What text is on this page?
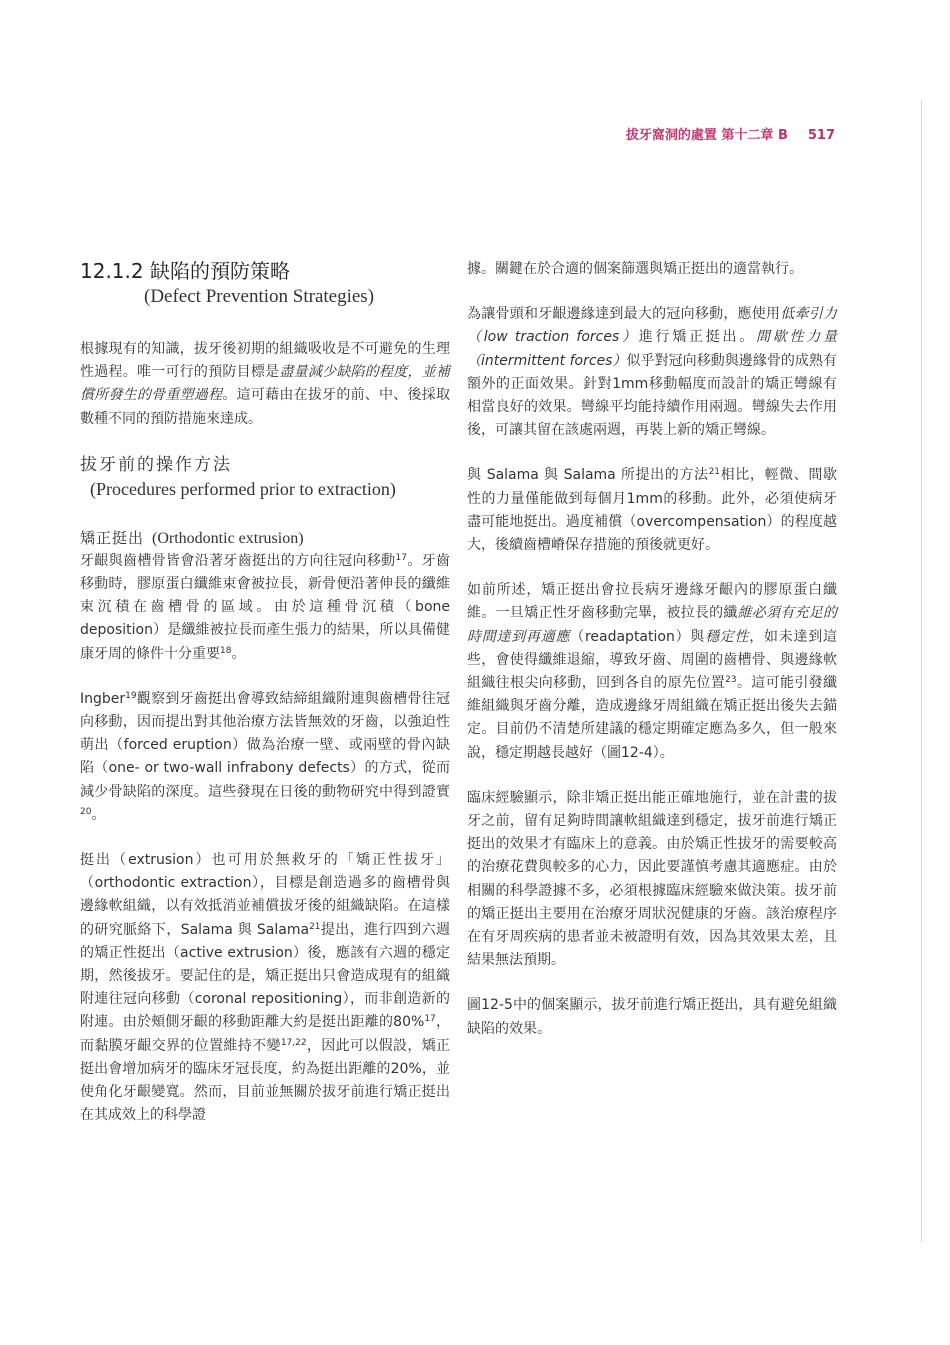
拔牙窩洞的處置 第十二章 B 517
12.1.2 缺陷的預防策略
(Defect Prevention Strategies)

根據現有的知識，拔牙後初期的組織吸收是不可避免的生理性過程。唯一可行的預防目標是盡量減少缺陷的程度，並補償所發生的骨重塑過程。這可藉由在拔牙的前、中、後採取數種不同的預防措施來達成。

拔牙前的操作方法
(Procedures performed prior to extraction)
矯正挺出 (Orthodontic extrusion)

牙齦與齒槽骨皆會沿著牙齒挺出的方向往冠向移動$^{17}$。牙齒移動時，膠原蛋白纖維束會被拉長，新骨便沿著伸長的纖維束沉積在齒槽骨的區域。由於這種骨沉積（bone deposition）是纖維被拉長而產生張力的結果，所以具備健康牙周的條件十分重要$^{18}$。

Ingber$^{19}$觀察到牙齒挺出會導致結締組織附連與齒槽骨往冠向移動，因而提出對其他治療方法皆無效的牙齒，以強迫性萌出（forced eruption）做為治療一壁、或兩壁的骨內缺陷（one- or two-wall infrabony defects）的方式，從而減少骨缺陷的深度。這些發現在日後的動物研究中得到證實$^{20}$。

挺出（extrusion）也可用於無救牙的「矯正性拔牙」（orthodontic extraction），目標是創造過多的齒槽骨與邊緣軟組織，以有效抵消並補償拔牙後的組織缺陷。在這樣的研究脈絡下，Salama 與 Salama$^{21}$提出，進行四到六週的矯正性挺出（active extrusion）後，應該有六週的穩定期，然後拔牙。要記住的是，矯正挺出只會造成現有的組織附連往冠向移動（coronal repositioning），而非創造新的附連。由於頰側牙齦的移動距離大約是挺出距離的80%$^{17}$，而黏膜牙齦交界的位置維持不變$^{17,22}$，因此可以假設，矯正挺出會增加病牙的臨床牙冠長度，約為挺出距離的20%，並使角化牙齦變寬。然而，目前並無關於拔牙前進行矯正挺出在其成效上的科學證

據。關鍵在於合適的個案篩選與矯正挺出的適當執行。

為讓骨頭和牙齦邊緣達到最大的冠向移動，應使用低牽引力（low traction forces）進行矯正挺出。間歇性力量（intermittent forces）似乎對冠向移動與邊緣骨的成熟有額外的正面效果。針對1mm移動幅度而設計的矯正彎線有相當良好的效果。彎線平均能持續作用兩週。彎線失去作用後，可讓其留在該處兩週，再裝上新的矯正彎線。

與 Salama 與 Salama 所提出的方法$^{21}$相比，輕微、間歇性的力量僅能做到每個月1mm的移動。此外，必須使病牙盡可能地挺出。過度補償（overcompensation）的程度越大，後續齒槽嵴保存措施的預後就更好。

如前所述，矯正挺出會拉長病牙邊緣牙齦內的膠原蛋白纖維。一旦矯正性牙齒移動完畢，被拉長的纖維必須有充足的時間達到再適應（readaptation）與穩定性，如未達到這些，會使得纖維退縮，導致牙齒、周圍的齒槽骨、與邊緣軟組織往根尖向移動，回到各自的原先位置$^{23}$。這可能引發纖維組織與牙齒分離，造成邊緣牙周組織在矯正挺出後失去錨定。目前仍不清楚所建議的穩定期確定應為多久，但一般來說，穩定期越長越好（圖12-4）。

臨床經驗顯示，除非矯正挺出能正確地施行，並在計畫的拔牙之前，留有足夠時間讓軟組織達到穩定，拔牙前進行矯正挺出的效果才有臨床上的意義。由於矯正性拔牙的需要較高的治療花費與較多的心力，因此要謹慎考慮其適應症。由於相關的科學證據不多，必須根據臨床經驗來做決策。拔牙前的矯正挺出主要用在治療牙周狀況健康的牙齒。該治療程序在有牙周疾病的患者並未被證明有效，因為其效果太差，且結果無法預期。

圖12-5中的個案顯示，拔牙前進行矯正挺出，具有避免組織缺陷的效果。
